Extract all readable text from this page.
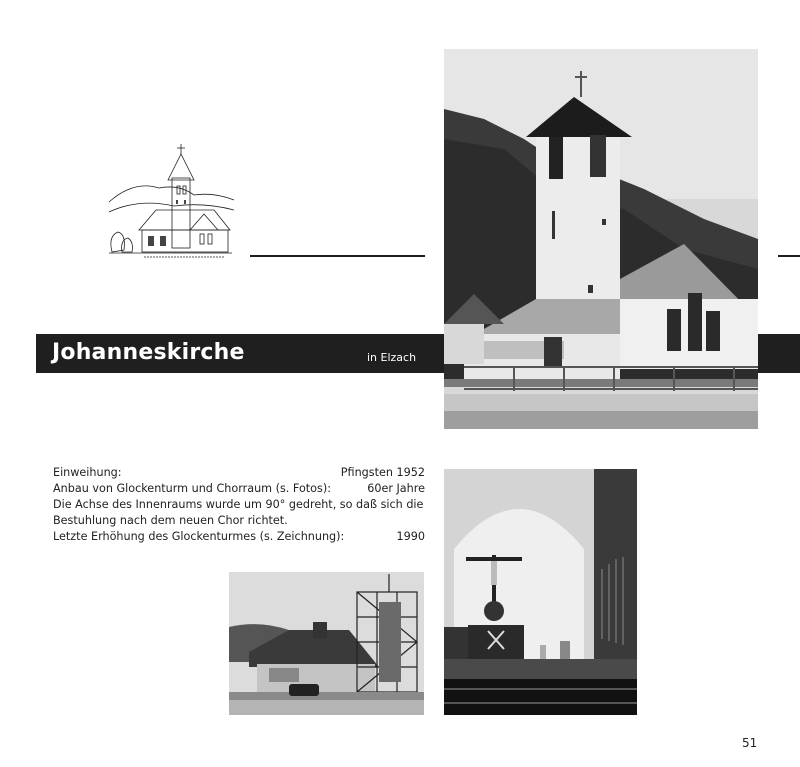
Johanneskirche	in Elzach
Einweihung:	Pfingsten 1952
Anbau von Glockenturm und Chorraum (s. Fotos):	60er Jahre
Die Achse des Innenraums wurde um 90° gedreht, so daß sich die Bestuhlung nach dem neuen Chor richtet.
Letzte Erhöhung des Glockenturmes (s. Zeichnung):	1990
51
